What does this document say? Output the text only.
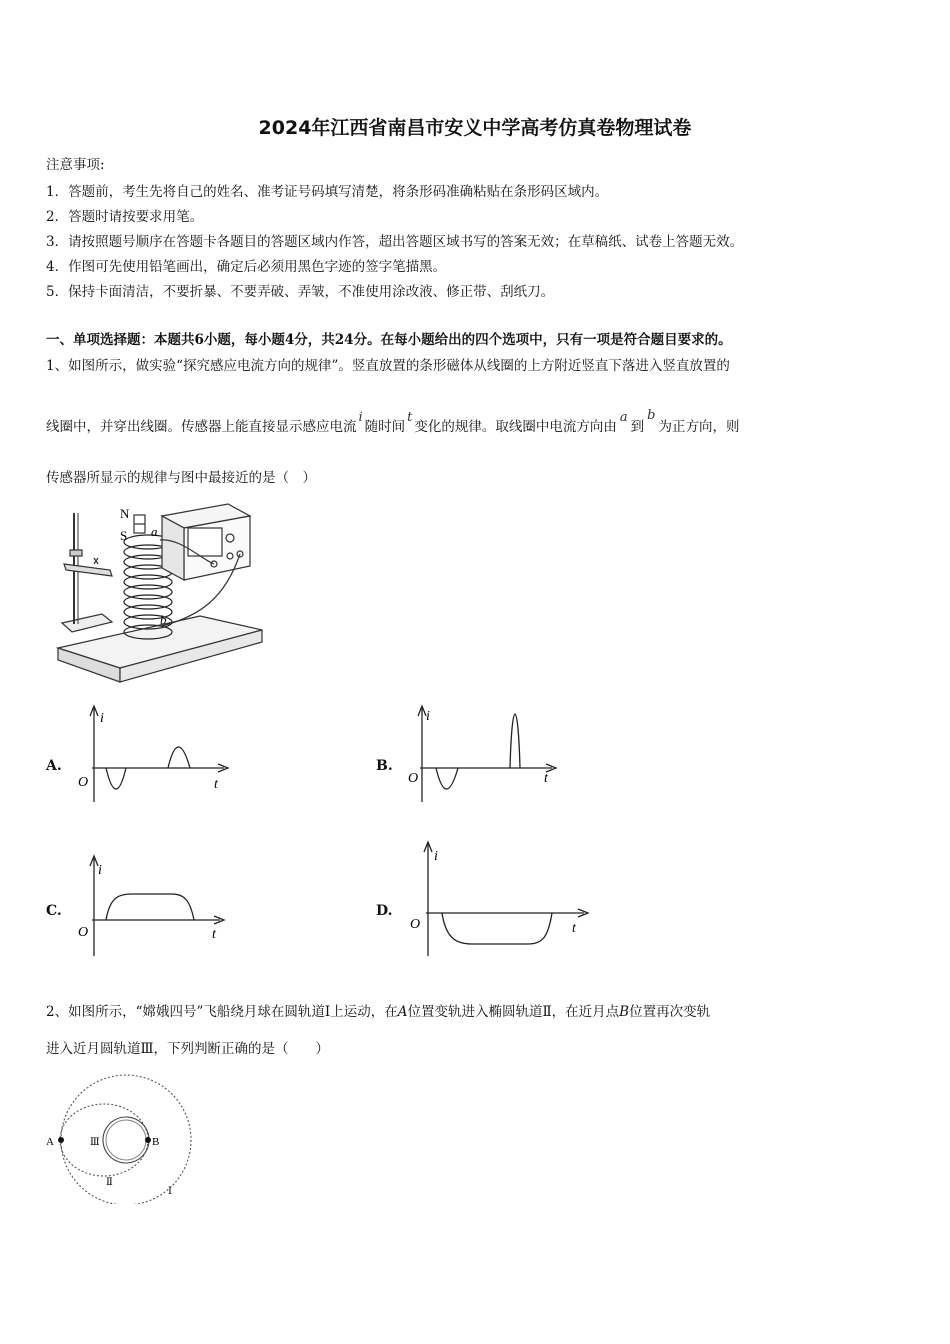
2024年江西省南昌市安义中学高考仿真卷物理试卷
注意事项:
1．答题前，考生先将自己的姓名、准考证号码填写清楚，将条形码准确粘贴在条形码区域内。
2．答题时请按要求用笔。
3．请按照题号顺序在答题卡各题目的答题区域内作答，超出答题区域书写的答案无效；在草稿纸、试卷上答题无效。
4．作图可先使用铅笔画出，确定后必须用黑色字迹的签字笔描黑。
5．保持卡面清洁，不要折暴、不要弄破、弄皱，不准使用涂改液、修正带、刮纸刀。
一、单项选择题：本题共6小题，每小题4分，共24分。在每小题给出的四个选项中，只有一项是符合题目要求的。
1、如图所示，做实验“探究感应电流方向的规律”。竖直放置的条形磁体从线圈的上方附近竖直下落进入竖直放置的
线圈中，并穿出线圈。传感器上能直接显示感应电流i随时间t变化的规律。取线圈中电流方向由a到b为正方向，则
传感器所显示的规律与图中最接近的是（　）
N
S a
b
A.
i
t
O
B.
i
t
O
C.
i
t
O
D.
i
t
O
2、如图所示，“嫦娥四号”飞船绕月球在圆轨道Ⅰ上运动，在A位置变轨进入椭圆轨道Ⅱ，在近月点B位置再次变轨
进入近月圆轨道Ⅲ，下列判断正确的是（　　）
A	B
Ⅲ
Ⅱ
Ⅰ
